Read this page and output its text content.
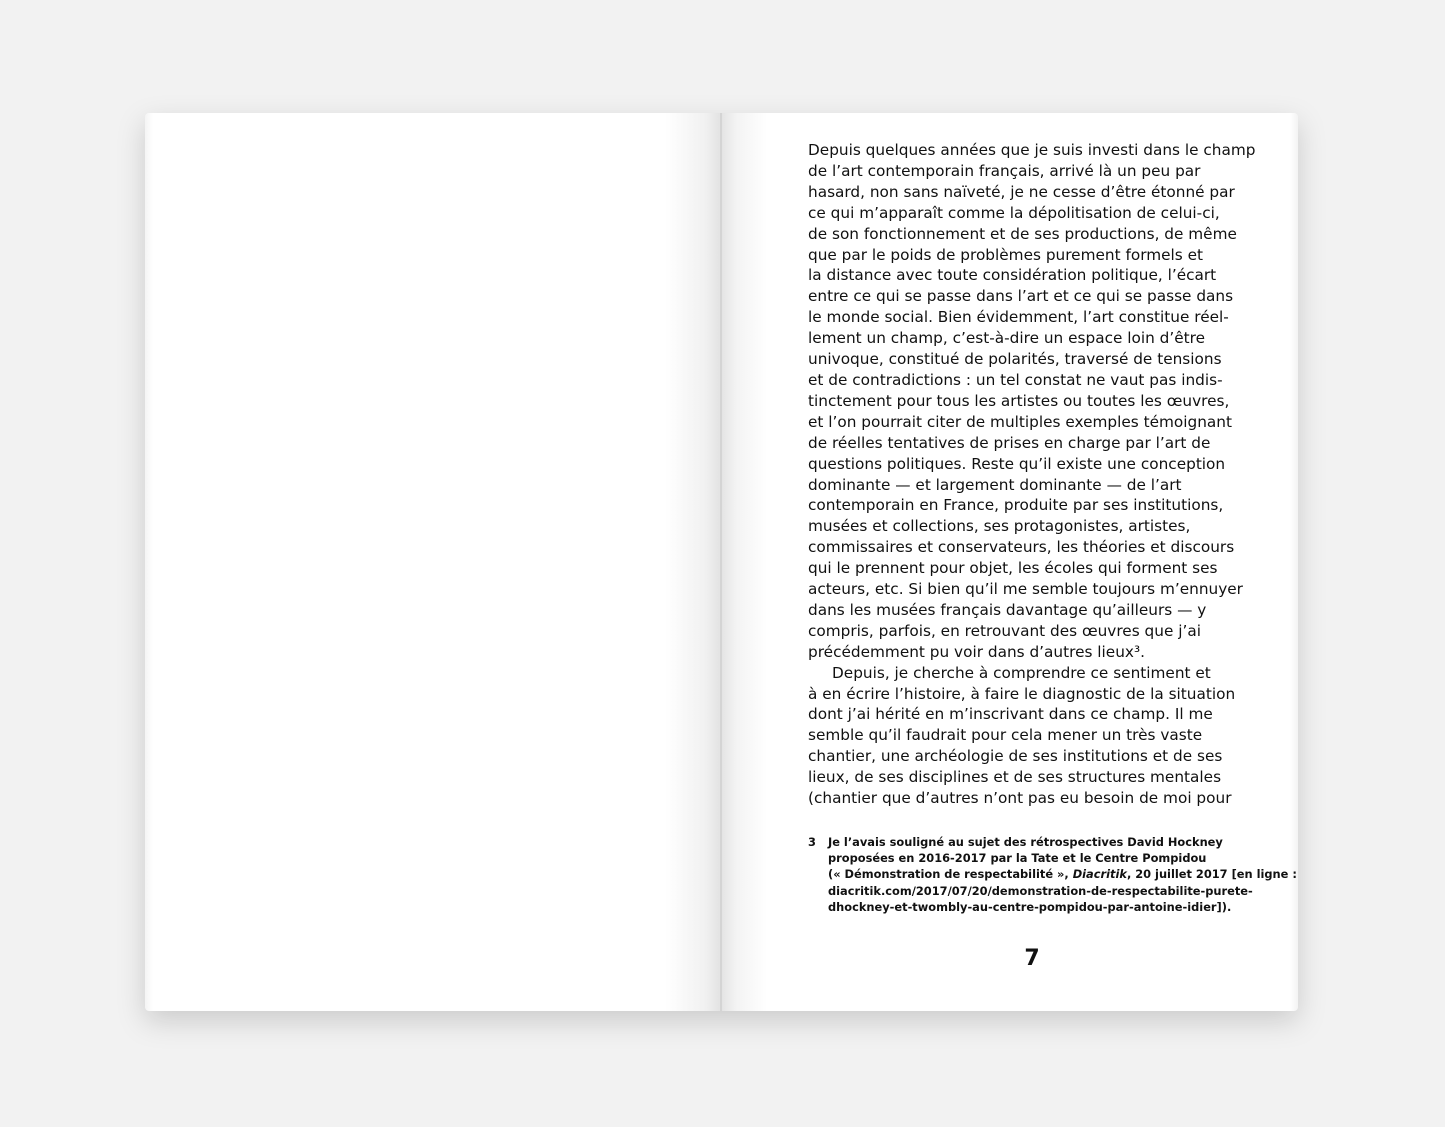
Depuis quelques années que je suis investi dans le champ
de l’art contemporain français, arrivé là un peu par
hasard, non sans naïveté, je ne cesse d’être étonné par
ce qui m’apparaît comme la dépolitisation de celui-ci,
de son fonctionnement et de ses productions, de même
que par le poids de problèmes purement formels et
la distance avec toute considération politique, l’écart
entre ce qui se passe dans l’art et ce qui se passe dans
le monde social. Bien évidemment, l’art constitue réel-
lement un champ, c’est-à-dire un espace loin d’être
univoque, constitué de polarités, traversé de tensions
et de contradictions : un tel constat ne vaut pas indis-
tinctement pour tous les artistes ou toutes les œuvres,
et l’on pourrait citer de multiples exemples témoignant
de réelles tentatives de prises en charge par l’art de
questions politiques. Reste qu’il existe une conception
dominante — et largement dominante — de l’art
contemporain en France, produite par ses institutions,
musées et collections, ses protagonistes, artistes,
commissaires et conservateurs, les théories et discours
qui le prennent pour objet, les écoles qui forment ses
acteurs, etc. Si bien qu’il me semble toujours m’ennuyer
dans les musées français davantage qu’ailleurs — y
compris, parfois, en retrouvant des œuvres que j’ai
précédemment pu voir dans d’autres lieux³.
Depuis, je cherche à comprendre ce sentiment et
à en écrire l’histoire, à faire le diagnostic de la situation
dont j’ai hérité en m’inscrivant dans ce champ. Il me
semble qu’il faudrait pour cela mener un très vaste
chantier, une archéologie de ses institutions et de ses
lieux, de ses disciplines et de ses structures mentales
(chantier que d’autres n’ont pas eu besoin de moi pour
3 Je l’avais souligné au sujet des rétrospectives David Hockney
proposées en 2016-2017 par la Tate et le Centre Pompidou
(« Démonstration de respectabilité », Diacritik, 20 juillet 2017 [en ligne :
diacritik.com/2017/07/20/demonstration-de-respectabilite-purete-
dhockney-et-twombly-au-centre-pompidou-par-antoine-idier]).
7
